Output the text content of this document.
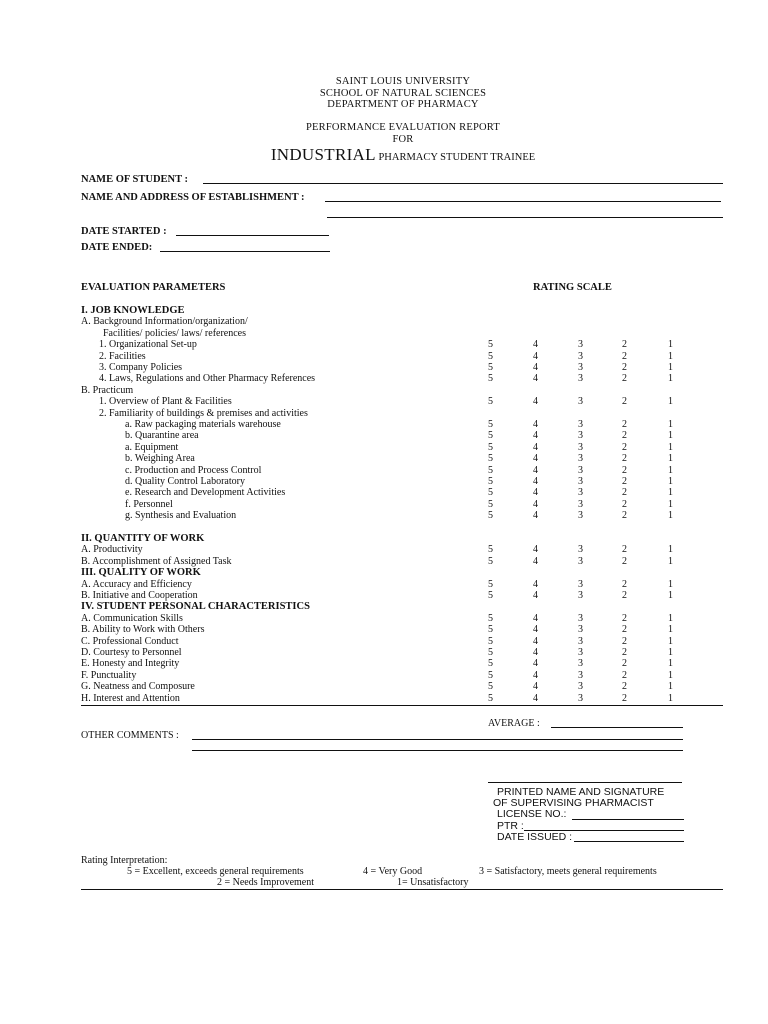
SAINT LOUIS UNIVERSITY
SCHOOL OF NATURAL SCIENCES
DEPARTMENT OF PHARMACY
PERFORMANCE EVALUATION REPORT
FOR
INDUSTRIAL PHARMACY STUDENT TRAINEE
NAME OF STUDENT :
NAME AND ADDRESS OF ESTABLISHMENT :
DATE STARTED :
DATE ENDED:
EVALUATION PARAMETERS	RATING SCALE
I. JOB KNOWLEDGE
A. Background Information/organization/
Facilities/ policies/ laws/ references
1. Organizational Set-up	5	4	3	2	1
2. Facilities	5	4	3	2	1
3. Company Policies	5	4	3	2	1
4. Laws, Regulations and Other Pharmacy References	5	4	3	2	1
B. Practicum
1. Overview of Plant & Facilities	5	4	3	2	1
2. Familiarity of buildings & premises and activities
a. Raw packaging materials warehouse	5	4	3	2	1
b. Quarantine area	5	4	3	2	1
a. Equipment	5	4	3	2	1
b. Weighing Area	5	4	3	2	1
c. Production and Process Control	5	4	3	2	1
d. Quality Control Laboratory	5	4	3	2	1
e. Research and Development Activities	5	4	3	2	1
f. Personnel	5	4	3	2	1
g. Synthesis and Evaluation	5	4	3	2	1
II. QUANTITY OF WORK
A. Productivity	5	4	3	2	1
B. Accomplishment of Assigned Task	5	4	3	2	1
III. QUALITY OF WORK
A. Accuracy and Efficiency	5	4	3	2	1
B. Initiative and Cooperation	5	4	3	2	1
IV. STUDENT PERSONAL CHARACTERISTICS
A. Communication Skills	5	4	3	2	1
B. Ability to Work with Others	5	4	3	2	1
C. Professional Conduct	5	4	3	2	1
D. Courtesy to Personnel	5	4	3	2	1
E. Honesty and Integrity	5	4	3	2	1
F. Punctuality	5	4	3	2	1
G. Neatness and Composure	5	4	3	2	1
H. Interest and Attention	5	4	3	2	1
AVERAGE :
OTHER COMMENTS :
PRINTED NAME AND SIGNATURE
OF SUPERVISING PHARMACIST
LICENSE NO.:
PTR :
DATE ISSUED :
Rating Interpretation:
5 = Excellent, exceeds general requirements	4 = Very Good	3 = Satisfactory, meets general requirements
2 = Needs Improvement	1= Unsatisfactory
